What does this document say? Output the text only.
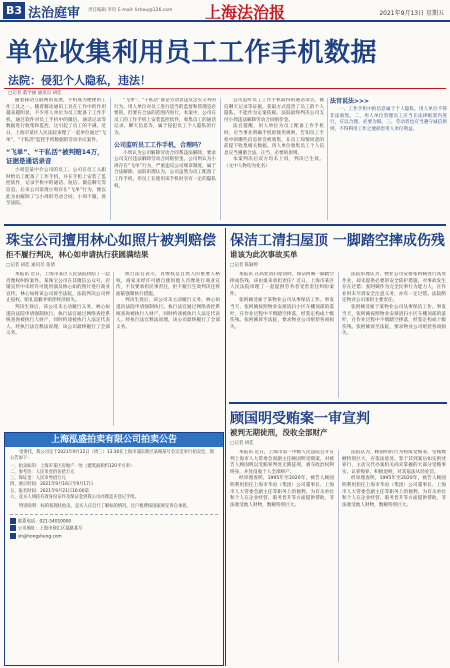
B3 法治庭审 责任编辑 李钧 E-mail: lishou@126.com 上海法治报	2021年9月13日 星期五
单位收集利用员工工作手机数据
法院：侵犯个人隐私，违法！
□记者 董学丽 通讯员 胡佳

随着移动互联网的发展，手机成为便捷的工作工具之一。随着移动通讯工具在工作中的作用越来越明显，不少用人单位为员工配备了工作手机，通过软件对员工手机中的微信、通话记录等数据进行收集和监控，这引起了员工的不满。近日，上海市某区人民法院审理了一起单位通过“飞单”、“干私活”监控手机数据的劳动争议案件。

“飞单”、“干私活”被判赔14万，证据是通话录音

小周是某中介公司的员工。公司在员工入职时给员工配备了工作手机，并在手机上安装了监控软件，记录手机中的通话、短信、微信聊天等信息。后来公司发现小周存在“飞单”行为，便以此为由解除了与小周的劳动合同，小周不服，诉至法院。

“飞单”、“干私活”都是劳动者违反忠实义务的行为，用人单位对员工进行适当的监督和管理是必要的，但要在合法的范围内进行。本案中，公司在员工的工作手机上安装监控软件，收集员工的通话记录、聊天信息等，属于侵犯员工个人隐私的行为。

公司监听员工工作手机，合理吗？

小周认为公司解除劳动合同系违法解除，要求公司支付违法解除劳动合同赔偿金。公司则认为小周存在“飞单”行为，严重违反公司规章制度，属于合法解除。法院审理认为，公司虽然为员工配备了工作手机，但员工在使用该手机时享有一定的隐私权。

公司监听员工工作手机取得的通话录音、微信聊天记录等证据，获取方式侵害了员工的个人隐私，不能作为定案依据。法院最终判决公司支付小周违法解除劳动合同赔偿金。

法官提醒，用人单位为员工配备工作手机时，应当事先明确手机的使用规则，告知员工手机中的哪些信息将会被收集，在员工知情同意的前提下收集相关数据。用人单位收集员工个人信息应当遵循合法、正当、必要的原则。

本案判决后双方均未上诉，判决已生效。 （文中人物均为化名）

法官说法>>>

一、工作手机中的信息属于个人隐私，用人单位不得非法收集。二、用人单位管理员工应当在法律框架内进行，应以合理、必要为限。三、劳动者也应当遵守诚信原则，不得利用工作之便损害用人单位利益。

珠宝公司擅用林心如照片被判赔偿
拒不履行判决，林心如申请执行获圆满结果
□记者 胡佳 通讯员 张倩

本报讯 近日，上海市某区人民法院执结了一起肖像权纠纷案件。某珠宝公司在其微信公众号、店铺宣传中未经许可使用演员林心如的照片进行商业宣传。林心如将该公司诉至法院，法院判决公司停止侵权、赔礼道歉并赔偿经济损失。

判决生效后，该公司未主动履行义务，林心如遂向法院申请强制执行。执行法官通过网络查控系统查询被执行人财产，同时约谈被执行人法定代表人。经执行法官释法说理，该公司最终履行了全部义务。

执行法官表示，肖像权是自然人的重要人格权，商家未经许可擅自使用他人肖像进行商业宣传，不仅要承担民事责任，拒不履行生效判决还将面临强制执行措施。

判决生效后，该公司未主动履行义务，林心如遂向法院申请强制执行。执行法官通过网络查控系统查询被执行人财产，同时约谈被执行人法定代表人。经执行法官释法说理，该公司最终履行了全部义务。

保洁工清扫屋顶 一脚踏空摔成伤残
谁该为此次事故买单
□记者 陈颖婷

本报讯 在高处清扫屋顶时，保洁阿姨一脚踏空摔成伤残，该由谁来承担责任？近日，上海市某区人民法院审理了一起提供劳务者受害责任纠纷案件。

张阿姨受雇于某物业公司从事保洁工作。事发当天，张阿姨按照物业安排清扫小区车棚顶部的落叶，在作业过程中不慎踏空摔落，经鉴定构成十级伤残。张阿姨诉至法院，要求物业公司赔偿各项损失。

法院审理认为，物业公司安排张阿姨进行高处作业，却未提供必要的安全防护措施，对事故发生存在过错；张阿姨作为完全民事行为能力人，在作业时未尽到安全注意义务，亦有一定过错。法院酌定物业公司承担主要责任。

张阿姨受雇于某物业公司从事保洁工作。事发当天，张阿姨按照物业安排清扫小区车棚顶部的落叶，在作业过程中不慎踏空摔落，经鉴定构成十级伤残。张阿姨诉至法院，要求物业公司赔偿各项损失。

顾国明受贿案一审宣判
被判无期徒刑，没收全部财产
□记者 胡佳

本报讯 近日，上海市第一中级人民法院公开宣判上海市人大常委会原副主任顾国明受贿案，对被告人顾国明以受贿罪判处无期徒刑，剥夺政治权利终身，并处没收个人全部财产。

经审理查明，1995年至2020年，被告人顾国明利用担任上海市华谊（集团）公司董事长、上海市人大常委会副主任等职务上的便利，为有关单位和个人在企业经营、职务晋升等方面提供帮助，非法收受他人财物，数额特别巨大。

法院认为，顾国明的行为构成受贿罪，受贿数额特别巨大，应依法惩处。鉴于其到案后如实供述罪行，主动交代办案机关尚未掌握的大部分受贿事实，认罪悔罪，积极退赃，对其依法从轻处罚。

经审理查明，1995年至2020年，被告人顾国明利用担任上海市华谊（集团）公司董事长、上海市人大常委会副主任等职务上的便利，为有关单位和个人在企业经营、职务晋升等方面提供帮助，非法收受他人财物，数额特别巨大。

上海泓盛拍卖有限公司拍卖公告

受委托，我公司定于2021年9月22日（周三）13:30在上海市浦东新区某路某号会议室举行拍卖会，现公告如下：

一、拍卖标的：上海市某区房地产一处（建筑面积约120平方米）

二、参考价：人民币壹佰伍拾万元

三、保证金：人民币叁拾万元

四、展示时间：2021年9月16日至9月17日

五、报名时间：2021年9月21日16:00前

六、竞买人须持有效身份证件及保证金到我公司办理竞买登记手续。

特别说明：标的按现状拍卖，竞买人应自行了解标的情况，过户税费按国家规定各自承担。

联系电话：021-54010000

公司地址：上海市徐汇区某路某号

sh@hongsheng.com
